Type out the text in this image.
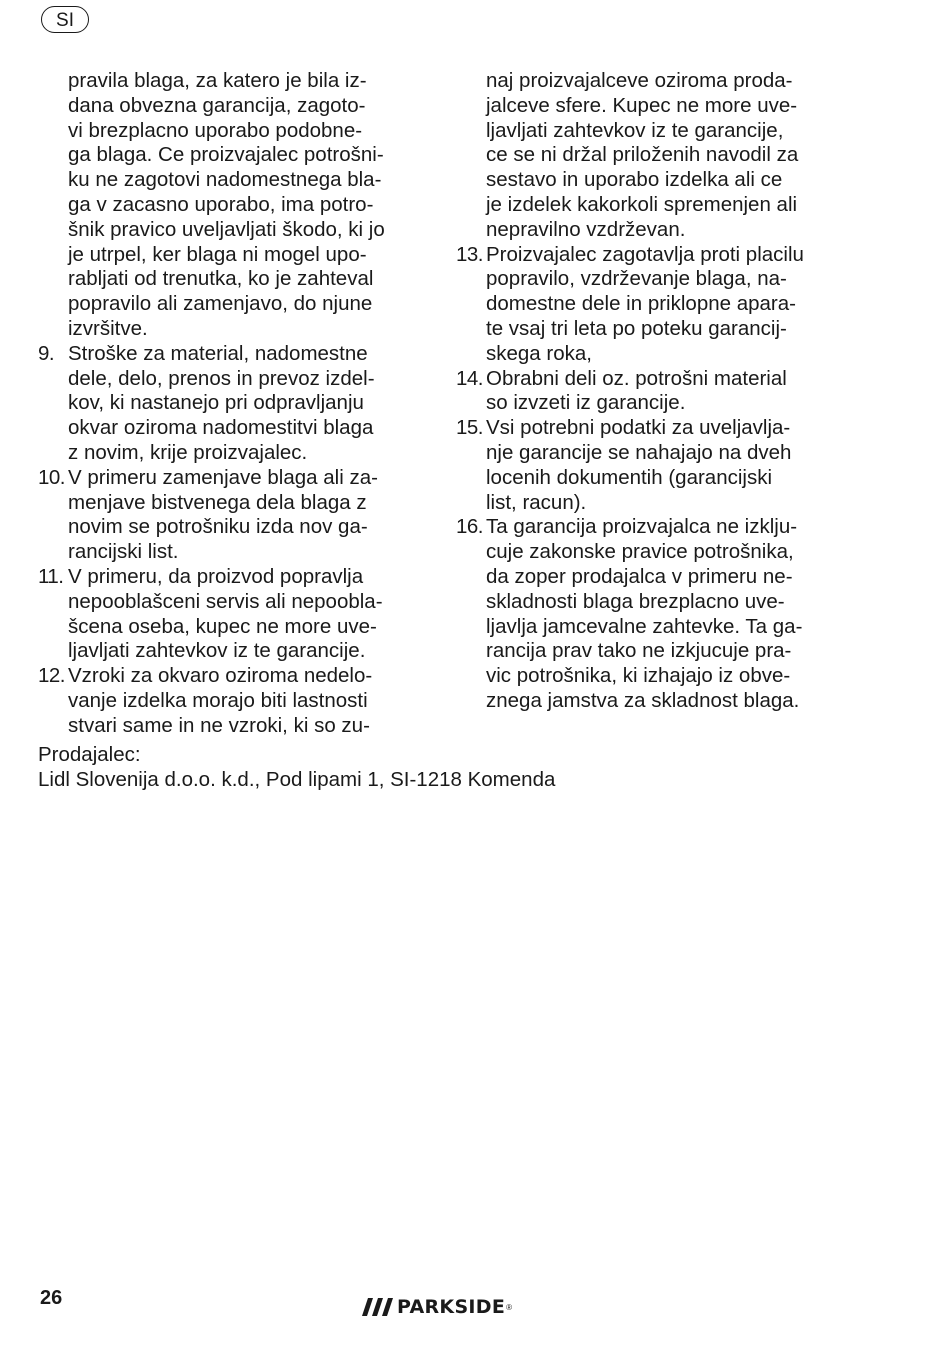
SI
pravila blaga, za katero je bila iz-
dana obvezna garancija, zagoto-
vi brezplacno uporabo podobne-
ga blaga. Ce proizvajalec potrošni-
ku ne zagotovi nadomestnega bla-
ga v zacasno uporabo, ima potro-
šnik pravico uveljavljati škodo, ki jo
je utrpel, ker blaga ni mogel upo-
rabljati od trenutka, ko je zahteval
popravilo ali zamenjavo, do njune
izvršitve.
9. Stroške za material, nadomestne
dele, delo, prenos in prevoz izdel-
kov, ki nastanejo pri odpravljanju
okvar oziroma nadomestitvi blaga
z novim, krije proizvajalec.
10. V primeru zamenjave blaga ali za-
menjave bistvenega dela blaga z
novim se potrošniku izda nov ga-
rancijski list.
11. V primeru, da proizvod popravlja
nepooblašceni servis ali nepoobla-
šcena oseba, kupec ne more uve-
ljavljati zahtevkov iz te garancije.
12. Vzroki za okvaro oziroma nedelo-
vanje izdelka morajo biti lastnosti
stvari same in ne vzroki, ki so zu-
naj proizvajalceve oziroma proda-
jalceve sfere. Kupec ne more uve-
ljavljati zahtevkov iz te garancije,
ce se ni držal priloženih navodil za
sestavo in uporabo izdelka ali ce
je izdelek kakorkoli spremenjen ali
nepravilno vzdrževan.
13. Proizvajalec zagotavlja proti placilu
popravilo, vzdrževanje blaga, na-
domestne dele in priklopne apara-
te vsaj tri leta po poteku garancij-
skega roka,
14. Obrabni deli oz. potrošni material
so izvzeti iz garancije.
15. Vsi potrebni podatki za uveljavlja-
nje garancije se nahajajo na dveh
locenih dokumentih (garancijski
list, racun).
16. Ta garancija proizvajalca ne izklju-
cuje zakonske pravice potrošnika,
da zoper prodajalca v primeru ne-
skladnosti blaga brezplacno uve-
ljavlja jamcevalne zahtevke. Ta ga-
rancija prav tako ne izkjucuje pra-
vic potrošnika, ki izhajajo iz obve-
znega jamstva za skladnost blaga.
Prodajalec:
Lidl Slovenija d.o.o. k.d., Pod lipami 1, SI-1218 Komenda
26	PARKSIDE ®
